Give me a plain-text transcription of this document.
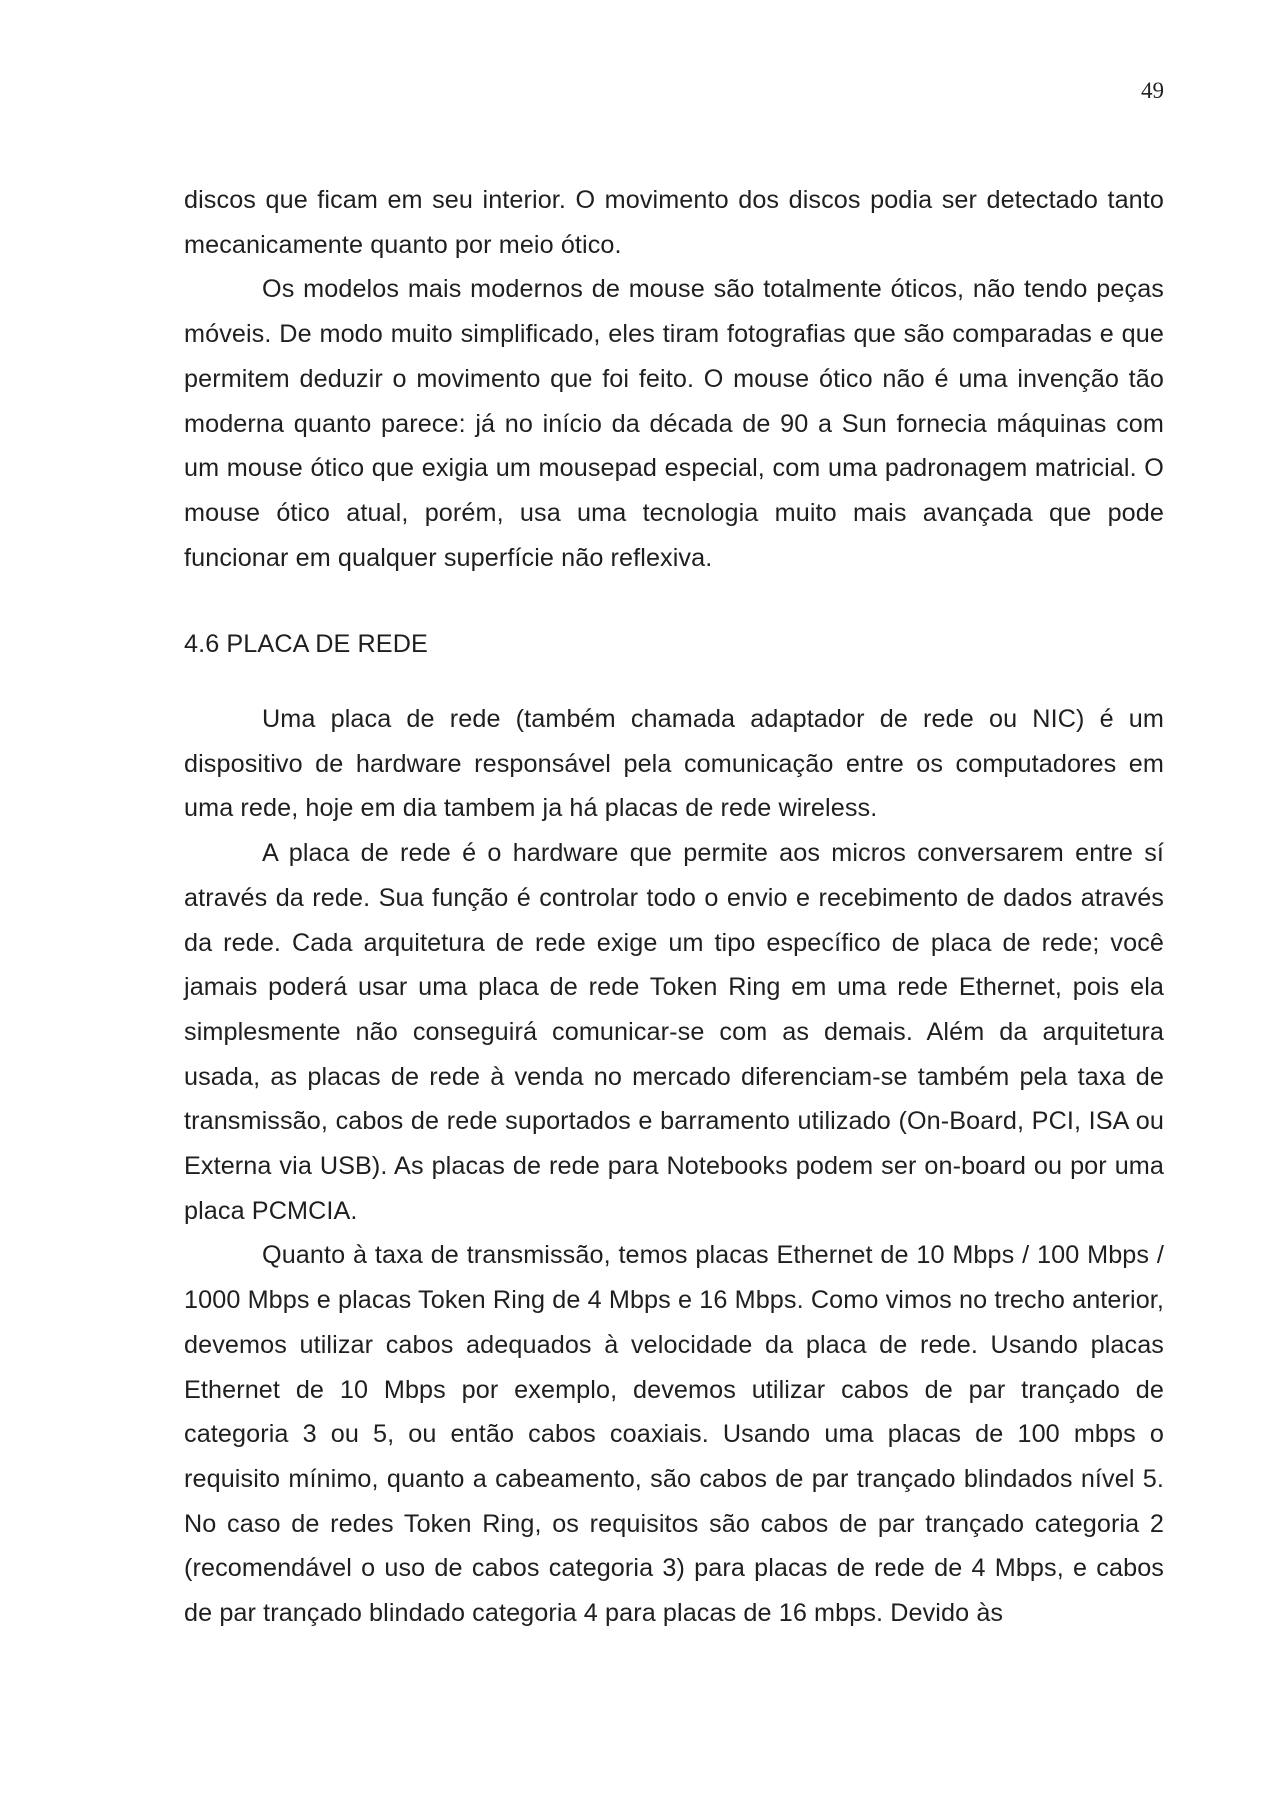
49

discos que ficam em seu interior. O movimento dos discos podia ser detectado tanto mecanicamente quanto por meio ótico.

Os modelos mais modernos de mouse são totalmente óticos, não tendo peças móveis. De modo muito simplificado, eles tiram fotografias que são comparadas e que permitem deduzir o movimento que foi feito. O mouse ótico não é uma invenção tão moderna quanto parece: já no início da década de 90 a Sun fornecia máquinas com um mouse ótico que exigia um mousepad especial, com uma padronagem matricial. O mouse ótico atual, porém, usa uma tecnologia muito mais avançada que pode funcionar em qualquer superfície não reflexiva.

4.6 PLACA DE REDE

Uma placa de rede (também chamada adaptador de rede ou NIC) é um dispositivo de hardware responsável pela comunicação entre os computadores em uma rede, hoje em dia tambem ja há placas de rede wireless.

A placa de rede é o hardware que permite aos micros conversarem entre sí através da rede. Sua função é controlar todo o envio e recebimento de dados através da rede. Cada arquitetura de rede exige um tipo específico de placa de rede; você jamais poderá usar uma placa de rede Token Ring em uma rede Ethernet, pois ela simplesmente não conseguirá comunicar-se com as demais. Além da arquitetura usada, as placas de rede à venda no mercado diferenciam-se também pela taxa de transmissão, cabos de rede suportados e barramento utilizado (On-Board, PCI, ISA ou Externa via USB). As placas de rede para Notebooks podem ser on-board ou por uma placa PCMCIA.

Quanto à taxa de transmissão, temos placas Ethernet de 10 Mbps / 100 Mbps / 1000 Mbps e placas Token Ring de 4 Mbps e 16 Mbps. Como vimos no trecho anterior, devemos utilizar cabos adequados à velocidade da placa de rede. Usando placas Ethernet de 10 Mbps por exemplo, devemos utilizar cabos de par trançado de categoria 3 ou 5, ou então cabos coaxiais. Usando uma placas de 100 mbps o requisito mínimo, quanto a cabeamento, são cabos de par trançado blindados nível 5. No caso de redes Token Ring, os requisitos são cabos de par trançado categoria 2 (recomendável o uso de cabos categoria 3) para placas de rede de 4 Mbps, e cabos de par trançado blindado categoria 4 para placas de 16 mbps. Devido às
